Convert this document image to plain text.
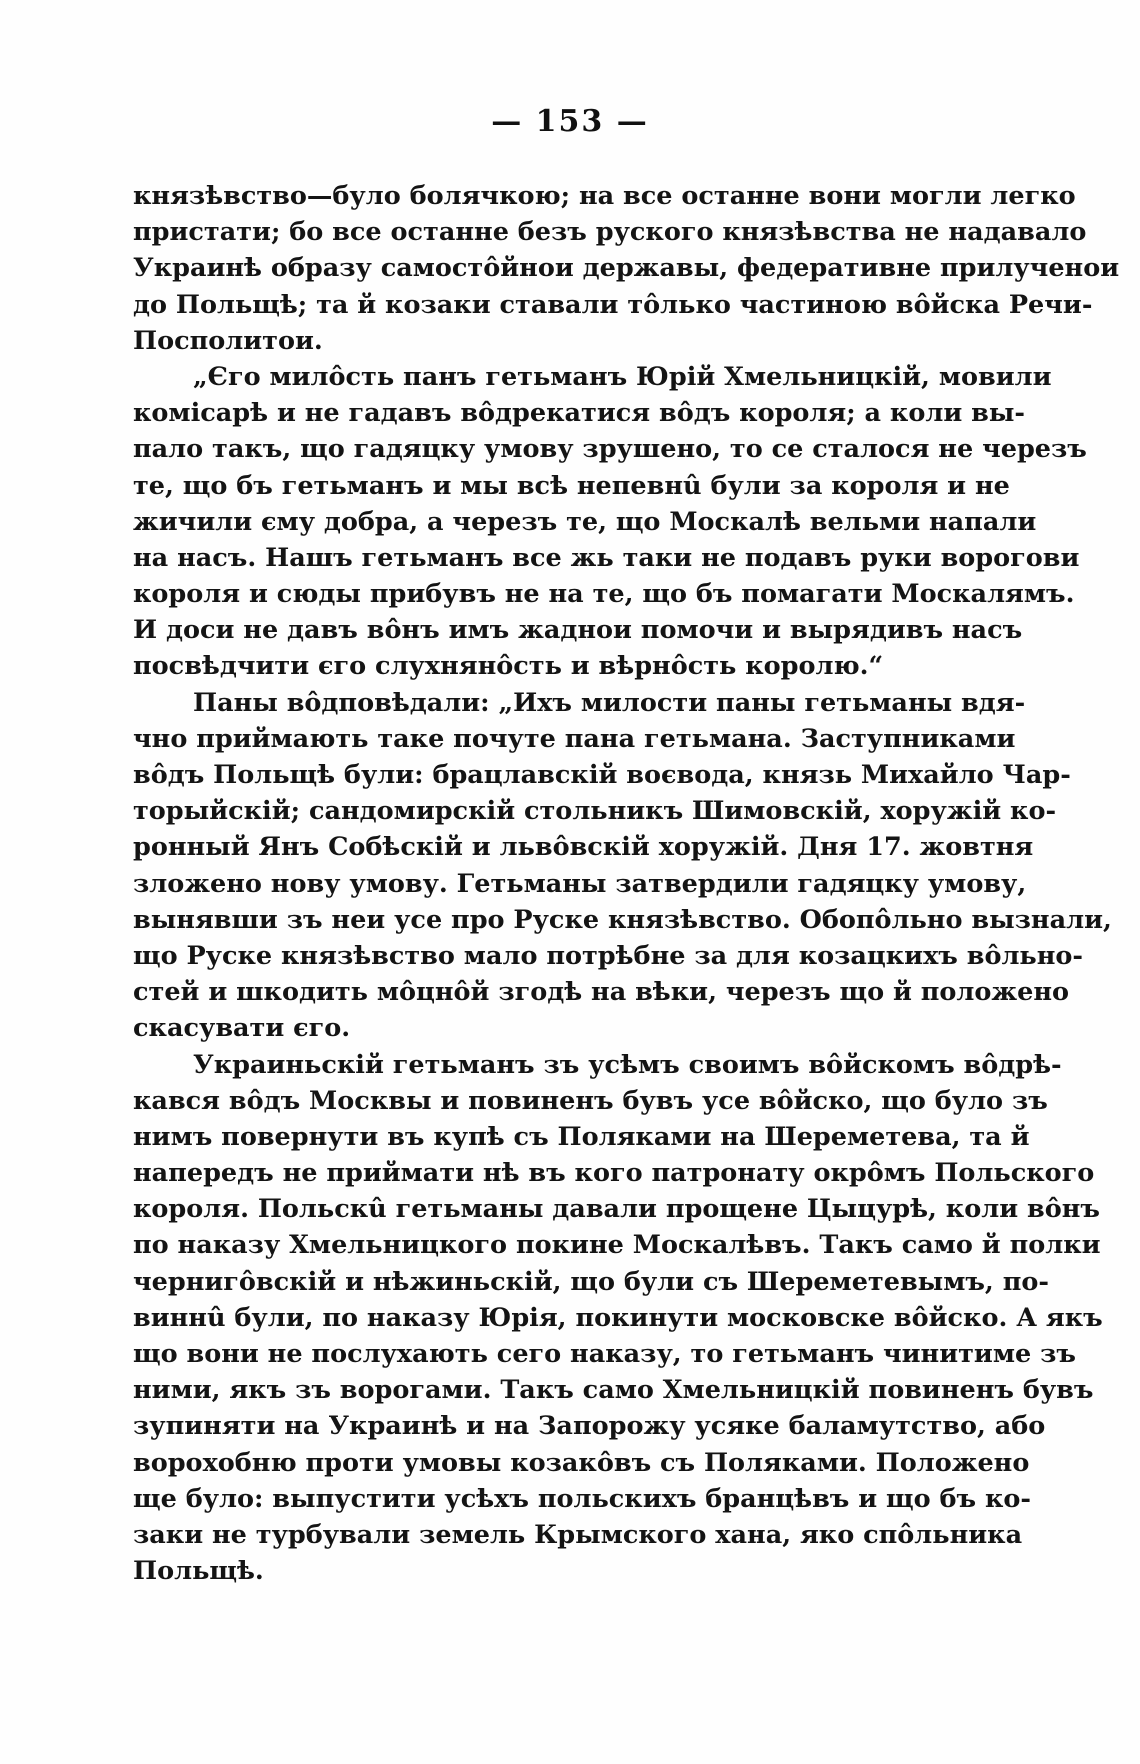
— 153 —
князѣвство—було болячкою; на все останне вони могли легко
пристати; бо все останне безъ руского князѣвства не надавало
Украинѣ образу самостôйнои державы, федеративне прилученои
до Польщѣ; та й козаки ставали тôлько частиною вôйска Речи-
Посполитои.
„Єго милôсть панъ гетьманъ Юрій Хмельницкій, мовили
комісарѣ и не гадавъ вôдрекатися вôдъ короля; а коли вы-
пало такъ, що гадяцку умову зрушено, то се сталося не черезъ
те, що бъ гетьманъ и мы всѣ непевнû були за короля и не
жичили єму добра, а черезъ те, що Москалѣ вельми напали
на насъ. Нашъ гетьманъ все жь таки не подавъ руки ворогови
короля и сюды прибувъ не на те, що бъ помагати Москалямъ.
И доси не давъ вôнъ имъ жаднои помочи и вырядивъ насъ
посвѣдчити єго слухнянôсть и вѣрнôсть королю.“
Паны вôдповѣдали: „Ихъ милости паны гетьманы вдя-
чно приймають таке почуте пана гетьмана. Заступниками
вôдъ Польщѣ були: брацлавскій воєвода, князь Михайло Чар-
торыйскій; сандомирскій стольникъ Шимовскій, хоружій ко-
ронный Янъ Собѣскій и львôвскій хоружій. Дня 17. жовтня
зложено нову умову. Гетьманы затвердили гадяцку умову,
вынявши зъ неи усе про Руске князѣвство. Обопôльно вызнали,
що Руске князѣвство мало потрѣбне за для козацкихъ вôльно-
стей и шкодить мôцнôй згодѣ на вѣки, черезъ що й положено
скасувати єго.
Украиньскій гетьманъ зъ усѣмъ своимъ вôйскомъ вôдрѣ-
кався вôдъ Москвы и повиненъ бувъ усе вôйско, що було зъ
нимъ повернути въ купѣ съ Поляками на Шереметева, та й
напередъ не приймати нѣ въ кого патронату окрôмъ Польского
короля. Польскû гетьманы давали прощене Цыцурѣ, коли вôнъ
по наказу Хмельницкого покине Москалѣвъ. Такъ само й полки
чернигôвскій и нѣжиньскій, що були съ Шереметевымъ, по-
виннû були, по наказу Юрія, покинути московске вôйско. А якъ
що вони не послухають сего наказу, то гетьманъ чинитиме зъ
ними, якъ зъ ворогами. Такъ само Хмельницкій повиненъ бувъ
зупиняти на Украинѣ и на Запорожу усяке баламутство, або
ворохобню проти умовы козакôвъ съ Поляками. Положено
ще було: выпустити усѣхъ польскихъ бранцѣвъ и що бъ ко-
заки не турбували земель Крымского хана, яко спôльника
Польщѣ.
